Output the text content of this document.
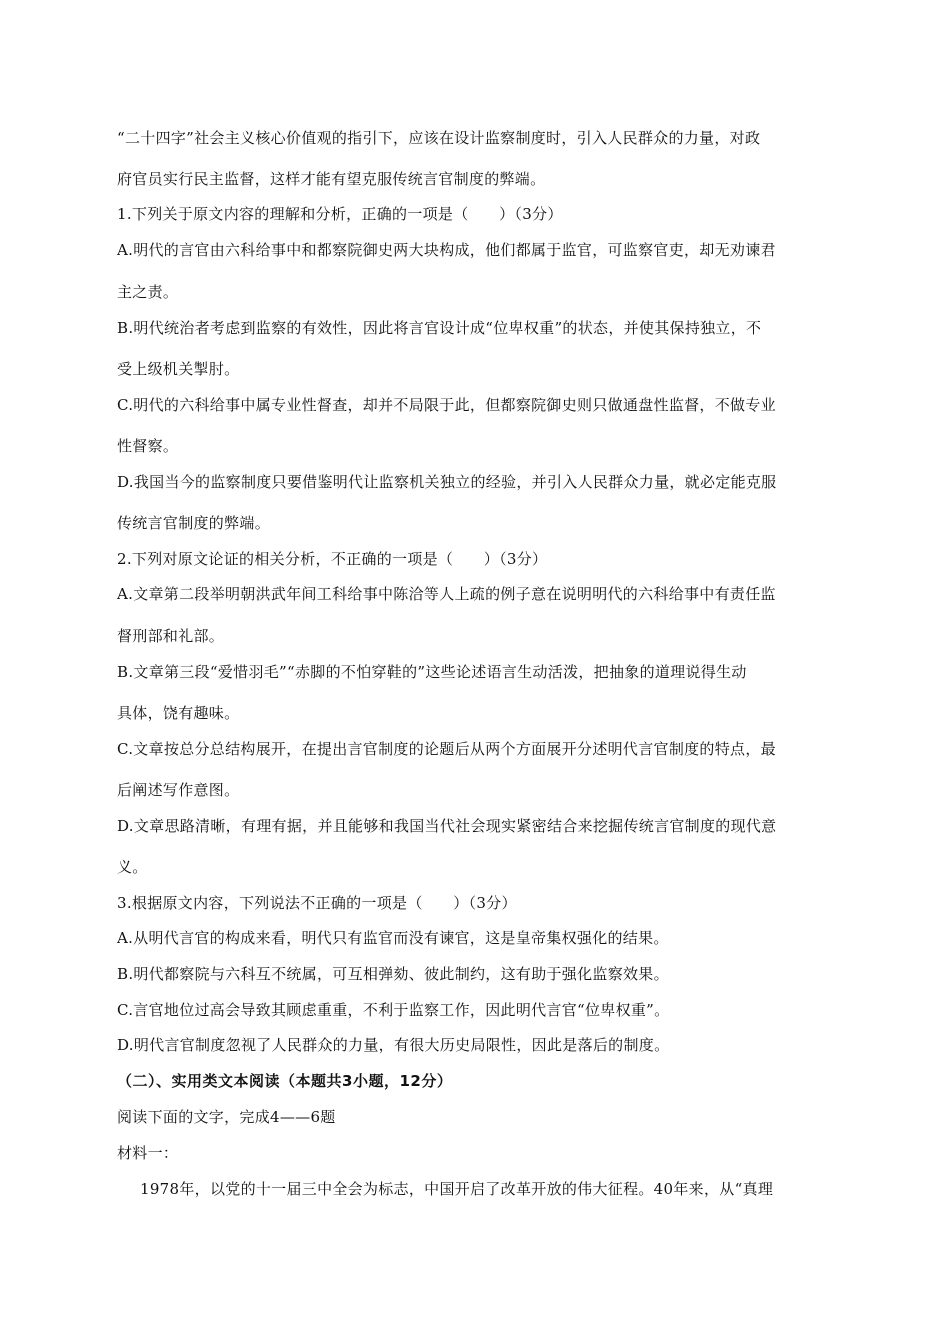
“二十四字”社会主义核心价值观的指引下，应该在设计监察制度时，引入人民群众的力量，对政
府官员实行民主监督，这样才能有望克服传统言官制度的弊端。
1.下列关于原文内容的理解和分析，正确的一项是（　　）（3分）
A.明代的言官由六科给事中和都察院御史两大块构成，他们都属于监官，可监察官吏，却无劝谏君
主之责。
B.明代统治者考虑到监察的有效性，因此将言官设计成“位卑权重”的状态，并使其保持独立，不
受上级机关掣肘。
C.明代的六科给事中属专业性督查，却并不局限于此，但都察院御史则只做通盘性监督，不做专业
性督察。
D.我国当今的监察制度只要借鉴明代让监察机关独立的经验，并引入人民群众力量，就必定能克服
传统言官制度的弊端。
2.下列对原文论证的相关分析，不正确的一项是（　　）（3分）
A.文章第二段举明朝洪武年间工科给事中陈洽等人上疏的例子意在说明明代的六科给事中有责任监
督刑部和礼部。
B.文章第三段“爱惜羽毛”“赤脚的不怕穿鞋的”这些论述语言生动活泼，把抽象的道理说得生动
具体，饶有趣味。
C.文章按总分总结构展开，在提出言官制度的论题后从两个方面展开分述明代言官制度的特点，最
后阐述写作意图。
D.文章思路清晰，有理有据，并且能够和我国当代社会现实紧密结合来挖掘传统言官制度的现代意
义。
3.根据原文内容，下列说法不正确的一项是（　　）（3分）
A.从明代言官的构成来看，明代只有监官而没有谏官，这是皇帝集权强化的结果。
B.明代都察院与六科互不统属，可互相弹劾、彼此制约，这有助于强化监察效果。
C.言官地位过高会导致其顾虑重重，不利于监察工作，因此明代言官“位卑权重”。
D.明代言官制度忽视了人民群众的力量，有很大历史局限性，因此是落后的制度。
（二）、实用类文本阅读（本题共3小题，12分）
阅读下面的文字，完成4——6题
材料一：
1978年，以党的十一届三中全会为标志，中国开启了改革开放的伟大征程。40年来，从“真理
